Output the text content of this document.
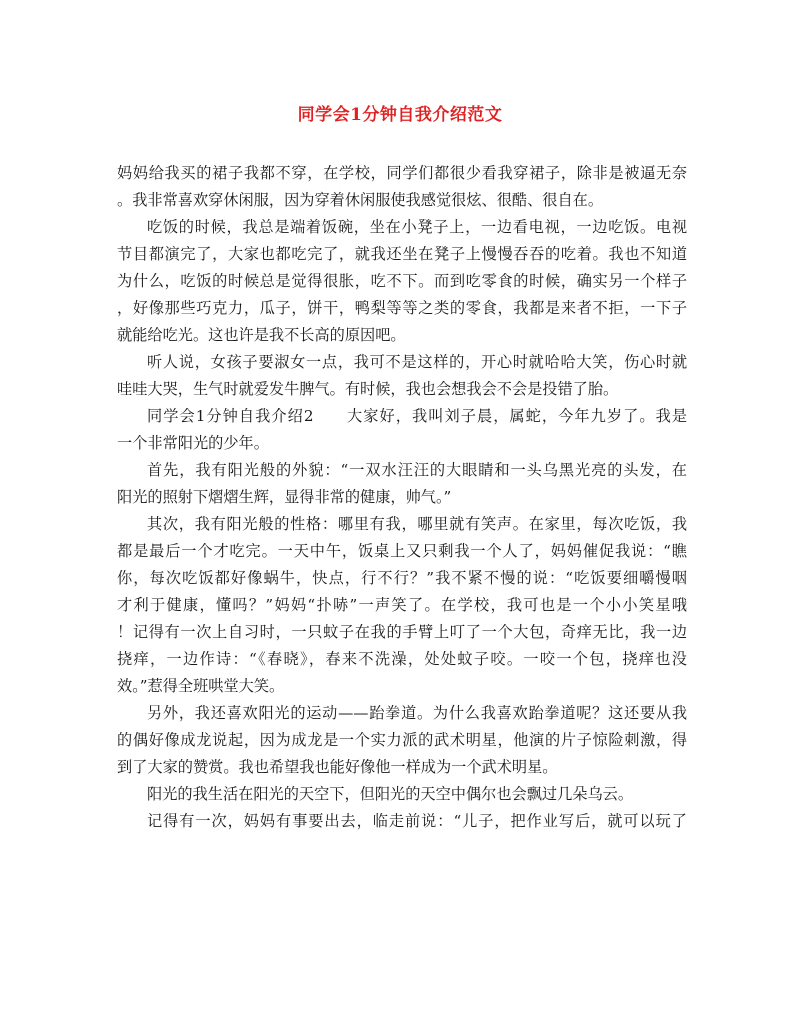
同学会1分钟自我介绍范文
妈妈给我买的裙子我都不穿，在学校，同学们都很少看我穿裙子，除非是被逼无奈
。我非常喜欢穿休闲服，因为穿着休闲服使我感觉很炫、很酷、很自在。
吃饭的时候，我总是端着饭碗，坐在小凳子上，一边看电视，一边吃饭。电视
节目都演完了，大家也都吃完了，就我还坐在凳子上慢慢吞吞的吃着。我也不知道
为什么，吃饭的时候总是觉得很胀，吃不下。而到吃零食的时候，确实另一个样子
，好像那些巧克力，瓜子，饼干，鸭梨等等之类的零食，我都是来者不拒，一下子
就能给吃光。这也许是我不长高的原因吧。
听人说，女孩子要淑女一点，我可不是这样的，开心时就哈哈大笑，伤心时就
哇哇大哭，生气时就爱发牛脾气。有时候，我也会想我会不会是投错了胎。
同学会1分钟自我介绍2　　大家好，我叫刘子晨，属蛇，今年九岁了。我是
一个非常阳光的少年。
首先，我有阳光般的外貌：“一双水汪汪的大眼睛和一头乌黑光亮的头发，在
阳光的照射下熠熠生辉，显得非常的健康，帅气。”
其次，我有阳光般的性格：哪里有我，哪里就有笑声。在家里，每次吃饭，我
都是最后一个才吃完。一天中午，饭桌上又只剩我一个人了，妈妈催促我说：“瞧
你，每次吃饭都好像蜗牛，快点，行不行？”我不紧不慢的说：“吃饭要细嚼慢咽
才利于健康，懂吗？”妈妈“扑哧”一声笑了。在学校，我可也是一个小小笑星哦
！记得有一次上自习时，一只蚊子在我的手臂上叮了一个大包，奇痒无比，我一边
挠痒，一边作诗：“《春晓》，春来不洗澡，处处蚊子咬。一咬一个包，挠痒也没
效。”惹得全班哄堂大笑。
另外，我还喜欢阳光的运动——跆拳道。为什么我喜欢跆拳道呢？这还要从我
的偶好像成龙说起，因为成龙是一个实力派的武术明星，他演的片子惊险刺激，得
到了大家的赞赏。我也希望我也能好像他一样成为一个武术明星。
阳光的我生活在阳光的天空下，但阳光的天空中偶尔也会飘过几朵乌云。
记得有一次，妈妈有事要出去，临走前说：“儿子，把作业写后，就可以玩了
